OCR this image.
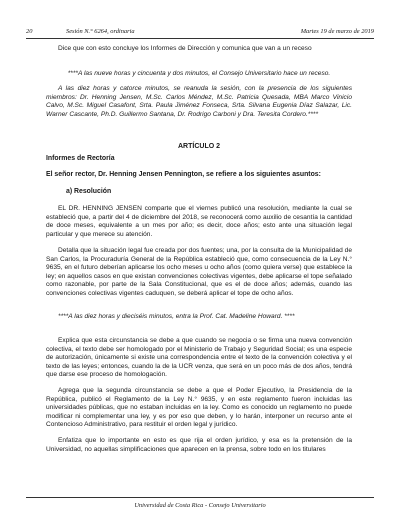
20	Sesión N.° 6264, ordinaria	Martes 19 de marzo de 2019

Dice que con esto concluye los Informes de Dirección y comunica que van a un receso

****A las nueve horas y cincuenta y dos minutos, el Consejo Universitario hace un receso.

A las diez horas y catorce minutos, se reanuda la sesión, con la presencia de los siguientes miembros: Dr. Henning Jensen, M.Sc. Carlos Méndez, M.Sc. Patricia Quesada, MBA Marco Vinicio Calvo, M.Sc. Miguel Casafont, Srta. Paula Jiménez Fonseca, Srta. Silvana Eugenia Díaz Salazar, Lic. Warner Cascante, Ph.D. Guillermo Santana, Dr. Rodrigo Carboni y Dra. Teresita Cordero.****

ARTÍCULO 2

Informes de Rectoría

El señor rector, Dr. Henning Jensen Pennington, se refiere a los siguientes asuntos:

a) Resolución

EL DR. HENNING JENSEN comparte que el viernes publicó una resolución, mediante la cual se estableció que, a partir del 4 de diciembre del 2018, se reconocerá como auxilio de cesantía la cantidad de doce meses, equivalente a un mes por año; es decir, doce años; esto ante una situación legal particular y que merece su atención.

Detalla que la situación legal fue creada por dos fuentes; una, por la consulta de la Municipalidad de San Carlos, la Procuraduría General de la República estableció que, como consecuencia de la Ley N.° 9635, en el futuro deberían aplicarse los ocho meses u ocho años (como quiera verse) que establece la ley; en aquellos casos en que existan convenciones colectivas vigentes, debe aplicarse el tope señalado como razonable, por parte de la Sala Constitucional, que es el de doce años; además, cuando las convenciones colectivas vigentes caduquen, se deberá aplicar el tope de ocho años.

****A las diez horas y dieciséis minutos, entra la Prof. Cat. Madeline Howard. ****

Explica que esta circunstancia se debe a que cuando se negocia o se firma una nueva convención colectiva, el texto debe ser homologado por el Ministerio de Trabajo y Seguridad Social; es una especie de autorización, únicamente si existe una correspondencia entre el texto de la convención colectiva y el texto de las leyes; entonces, cuando la de la UCR venza, que será en un poco más de dos años, tendrá que darse ese proceso de homologación.

Agrega que la segunda circunstancia se debe a que el Poder Ejecutivo, la Presidencia de la República, publicó el Reglamento de la Ley N.° 9635, y en este reglamento fueron incluidas las universidades públicas, que no estaban incluidas en la ley. Como es conocido un reglamento no puede modificar ni complementar una ley, y es por eso que deben, y lo harán, interponer un recurso ante el Contencioso Administrativo, para restituir el orden legal y jurídico.

Enfatiza que lo importante en esto es que rija el orden jurídico, y esa es la pretensión de la Universidad, no aquellas simplificaciones que aparecen en la prensa, sobre todo en los titulares

Universidad de Costa Rica - Consejo Universitario
